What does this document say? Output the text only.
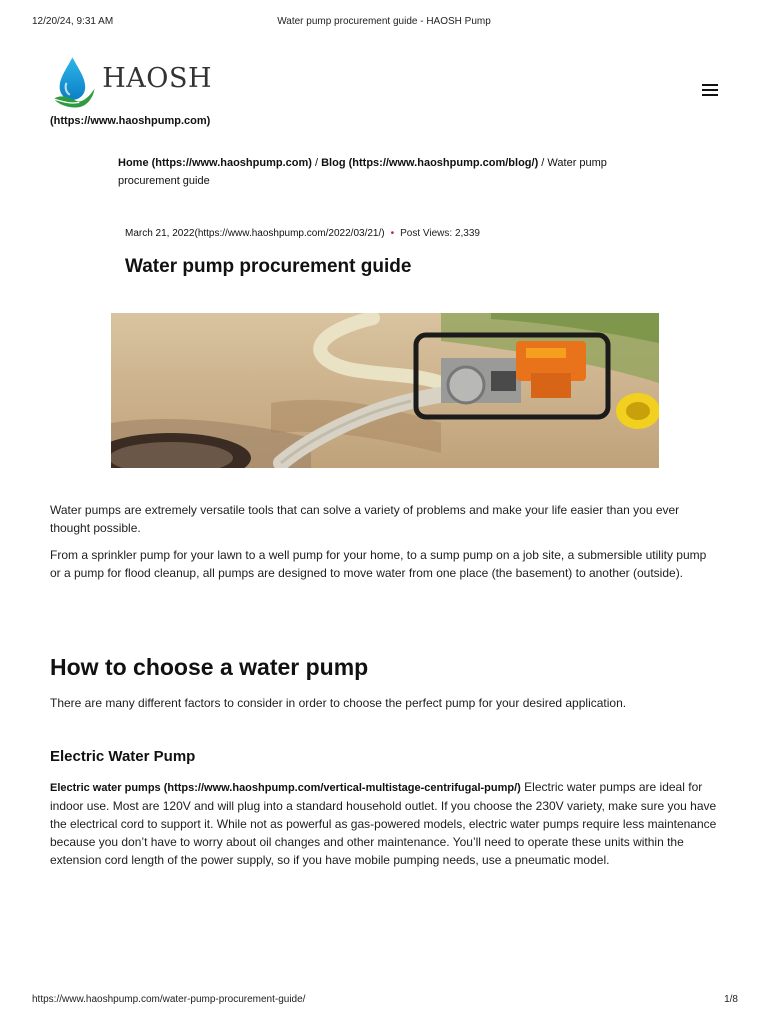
12/20/24, 9:31 AM	Water pump procurement guide - HAOSH Pump
HAOSH
(https://www.haoshpump.com)
Home (https://www.haoshpump.com) / Blog (https://www.haoshpump.com/blog/) / Water pump procurement guide
March 21, 2022(https://www.haoshpump.com/2022/03/21/) • Post Views: 2,339
Water pump procurement guide

Water pumps are extremely versatile tools that can solve a variety of problems and make your life easier than you ever thought possible.

From a sprinkler pump for your lawn to a well pump for your home, to a sump pump on a job site, a submersible utility pump or a pump for flood cleanup, all pumps are designed to move water from one place (the basement) to another (outside).

How to choose a water pump

There are many different factors to consider in order to choose the perfect pump for your desired application.

Electric Water Pump

Electric water pumps (https://www.haoshpump.com/vertical-multistage-centrifugal-pump/) Electric water pumps are ideal for indoor use. Most are 120V and will plug into a standard household outlet. If you choose the 230V variety, make sure you have the electrical cord to support it. While not as powerful as gas-powered models, electric water pumps require less maintenance because you don’t have to worry about oil changes and other maintenance. You’ll need to operate these units within the extension cord length of the power supply, so if you have mobile pumping needs, use a pneumatic model.

https://www.haoshpump.com/water-pump-procurement-guide/	1/8
